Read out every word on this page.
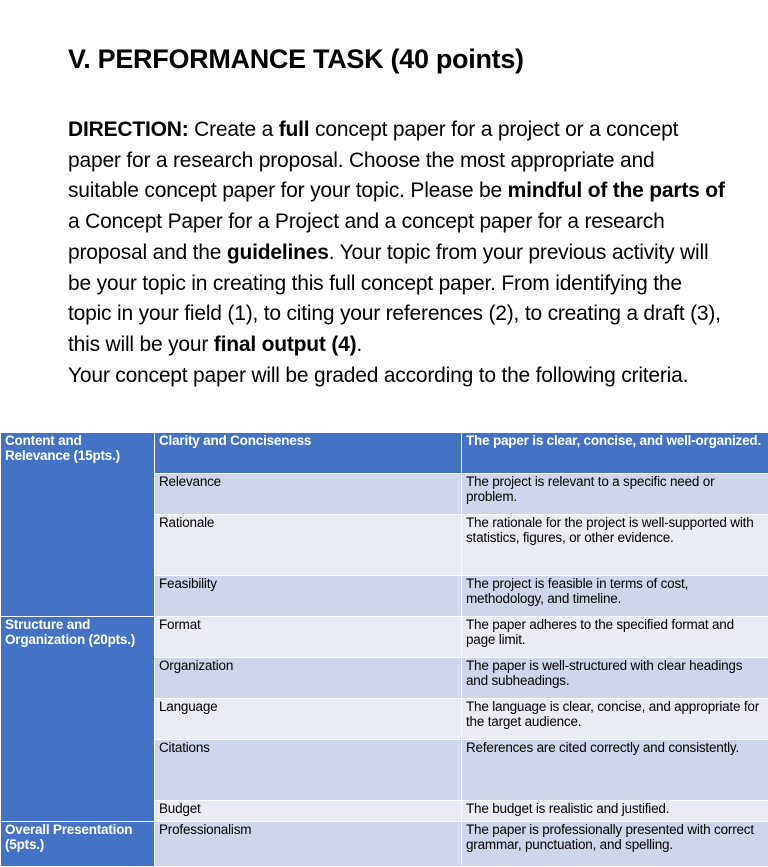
V. PERFORMANCE TASK (40 points)

DIRECTION: Create a full concept paper for a project or a concept paper for a research proposal. Choose the most appropriate and suitable concept paper for your topic. Please be mindful of the parts of a Concept Paper for a Project and a concept paper for a research proposal and the guidelines. Your topic from your previous activity will be your topic in creating this full concept paper. From identifying the topic in your field (1), to citing your references (2), to creating a draft (3), this will be your final output (4).
Your concept paper will be graded according to the following criteria.

Content and Relevance (15pts.)	Clarity and Conciseness	The paper is clear, concise, and well-organized.
	Relevance	The project is relevant to a specific need or problem.
	Rationale	The rationale for the project is well-supported with statistics, figures, or other evidence.
	Feasibility	The project is feasible in terms of cost, methodology, and timeline.
Structure and Organization (20pts.)	Format	The paper adheres to the specified format and page limit.
	Organization	The paper is well-structured with clear headings and subheadings.
	Language	The language is clear, concise, and appropriate for the target audience.
	Citations	References are cited correctly and consistently.
	Budget	The budget is realistic and justified.
Overall Presentation (5pts.)	Professionalism	The paper is professionally presented with correct grammar, punctuation, and spelling.
